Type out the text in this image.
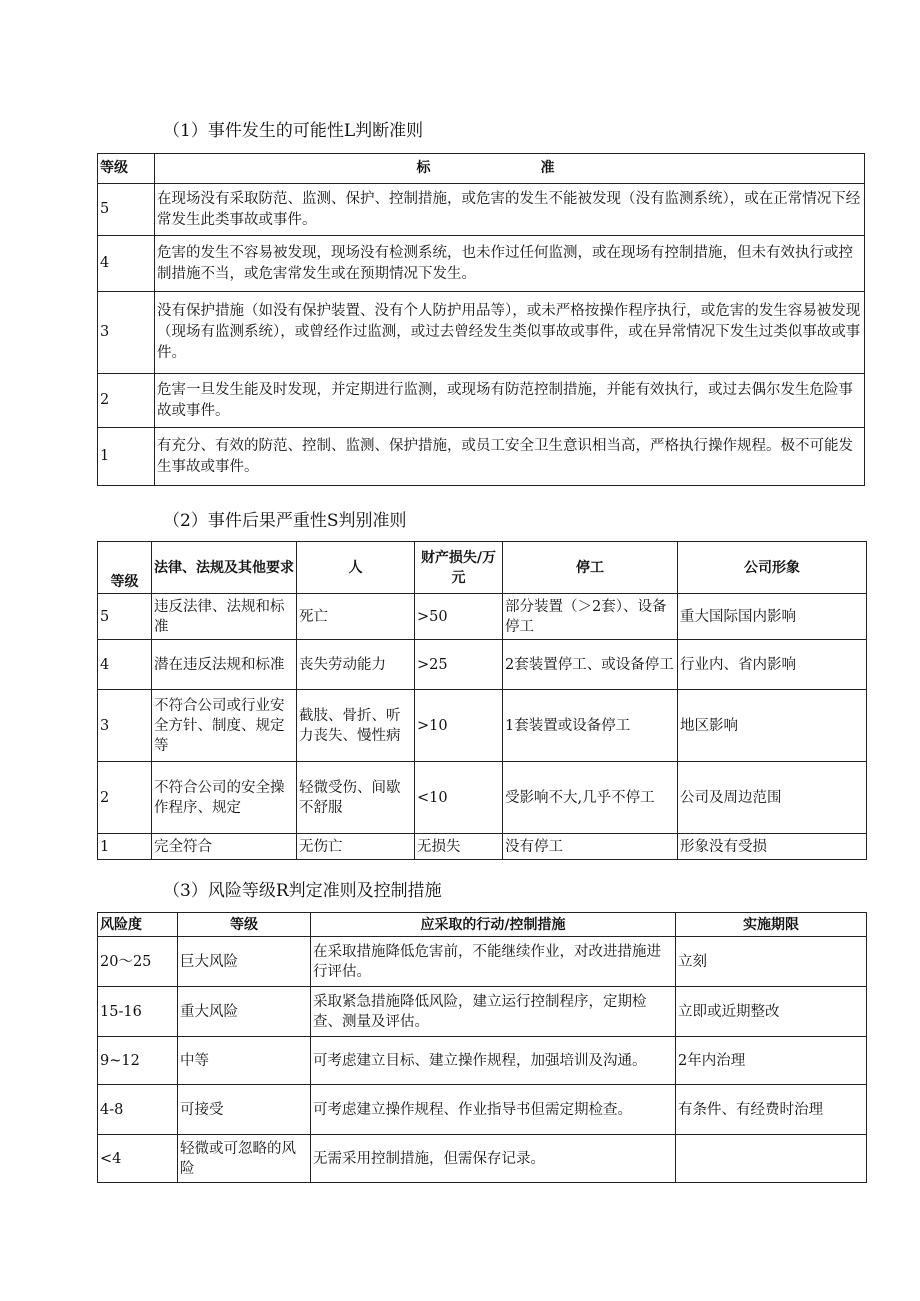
（1）事件发生的可能性L判断准则
等级	标　准
5	在现场没有采取防范、监测、保护、控制措施，或危害的发生不能被发现（没有监测系统），或在正常情况下经常发生此类事故或事件。
4	危害的发生不容易被发现，现场没有检测系统，也未作过任何监测，或在现场有控制措施，但未有效执行或控制措施不当，或危害常发生或在预期情况下发生。
3	没有保护措施（如没有保护装置、没有个人防护用品等），或未严格按操作程序执行，或危害的发生容易被发现（现场有监测系统），或曾经作过监测，或过去曾经发生类似事故或事件，或在异常情况下发生过类似事故或事件。
2	危害一旦发生能及时发现，并定期进行监测，或现场有防范控制措施，并能有效执行，或过去偶尔发生危险事故或事件。
1	有充分、有效的防范、控制、监测、保护措施，或员工安全卫生意识相当高，严格执行操作规程。极不可能发生事故或事件。
（2）事件后果严重性S判别准则
等级	法律、法规及其他要求	人	财产损失/万元	停工	公司形象
5	违反法律、法规和标准	死亡	>50	部分装置（＞2套）、设备停工	重大国际国内影响
4	潜在违反法规和标准	丧失劳动能力	>25	2套装置停工、或设备停工	行业内、省内影响
3	不符合公司或行业安全方针、制度、规定等	截肢、骨折、听力丧失、慢性病	>10	1套装置或设备停工	地区影响
2	不符合公司的安全操作程序、规定	轻微受伤、间歇不舒服	<10	受影响不大,几乎不停工	公司及周边范围
1	完全符合	无伤亡	无损失	没有停工	形象没有受损
（3）风险等级R判定准则及控制措施
风险度	等级	应采取的行动/控制措施	实施期限
20～25	巨大风险	在采取措施降低危害前，不能继续作业，对改进措施进行评估。	立刻
15-16	重大风险	采取紧急措施降低风险，建立运行控制程序，定期检查、测量及评估。	立即或近期整改
9~12	中等	可考虑建立目标、建立操作规程，加强培训及沟通。	2年内治理
4-8	可接受	可考虑建立操作规程、作业指导书但需定期检查。	有条件、有经费时治理
<4	轻微或可忽略的风险	无需采用控制措施，但需保存记录。	
